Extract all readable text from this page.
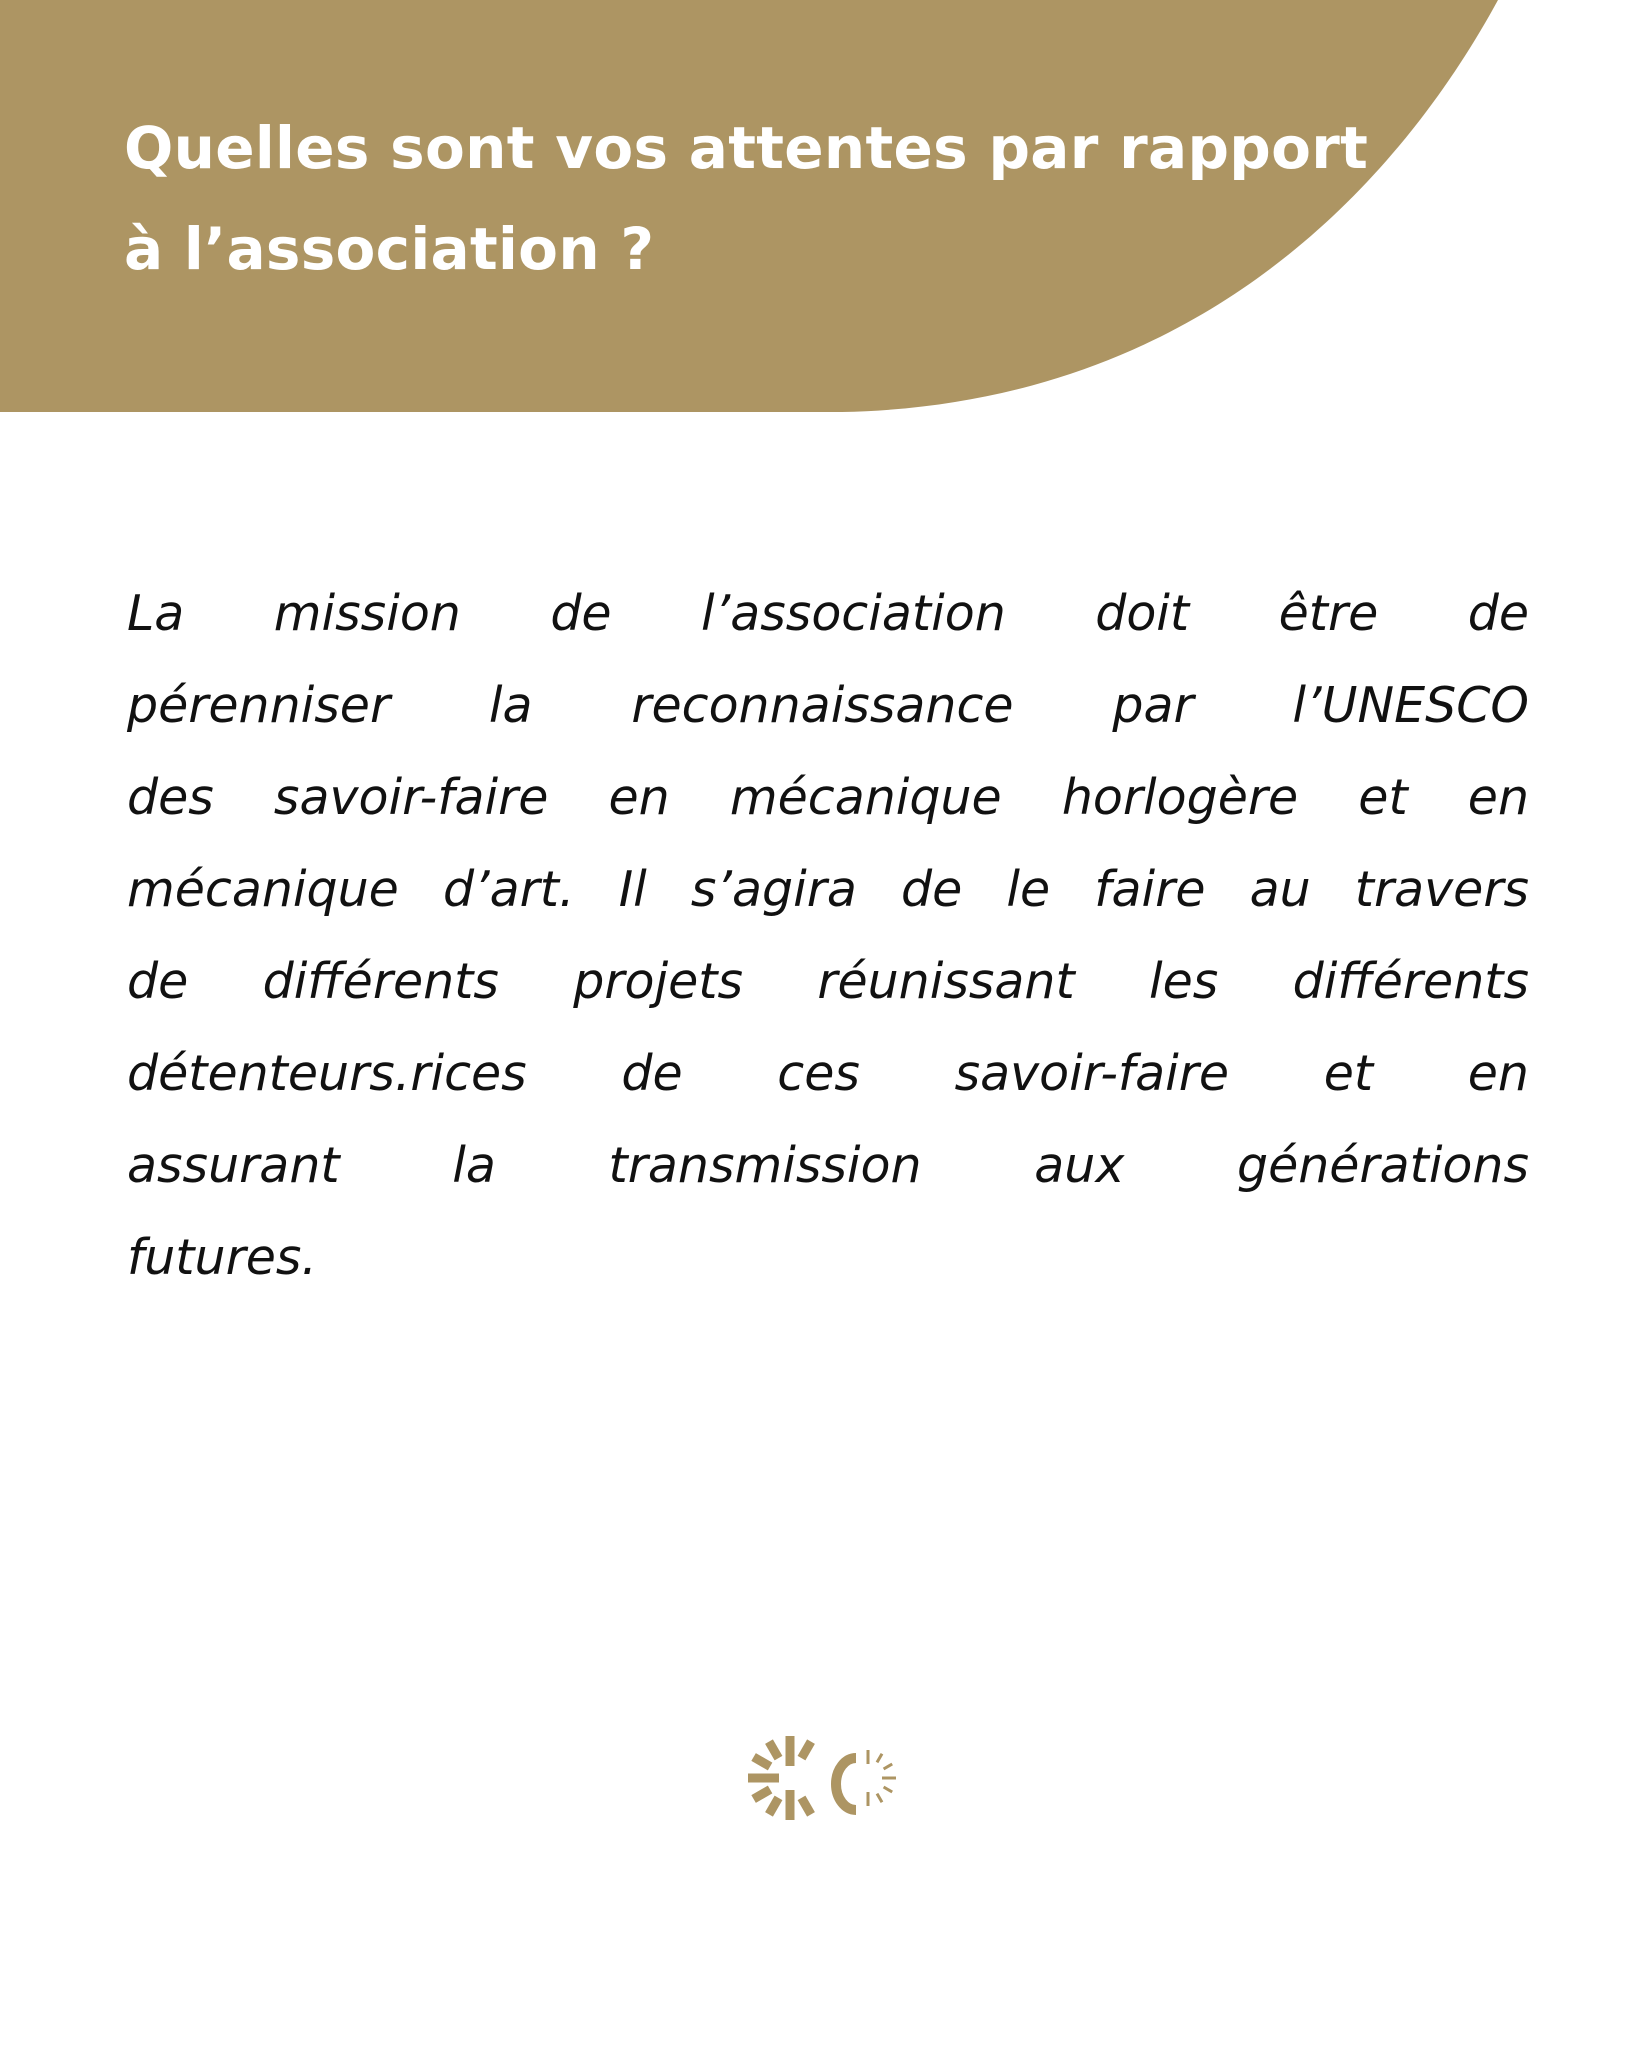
Quelles sont vos attentes par rapport
à l’association ?
La mission de l’association doit être de
pérenniser la reconnaissance par l’UNESCO
des savoir-faire en mécanique horlogère et en
mécanique d’art. Il s’agira de le faire au travers
de différents projets réunissant les différents
détenteurs.rices de ces savoir-faire et en
assurant la transmission aux générations
futures.
